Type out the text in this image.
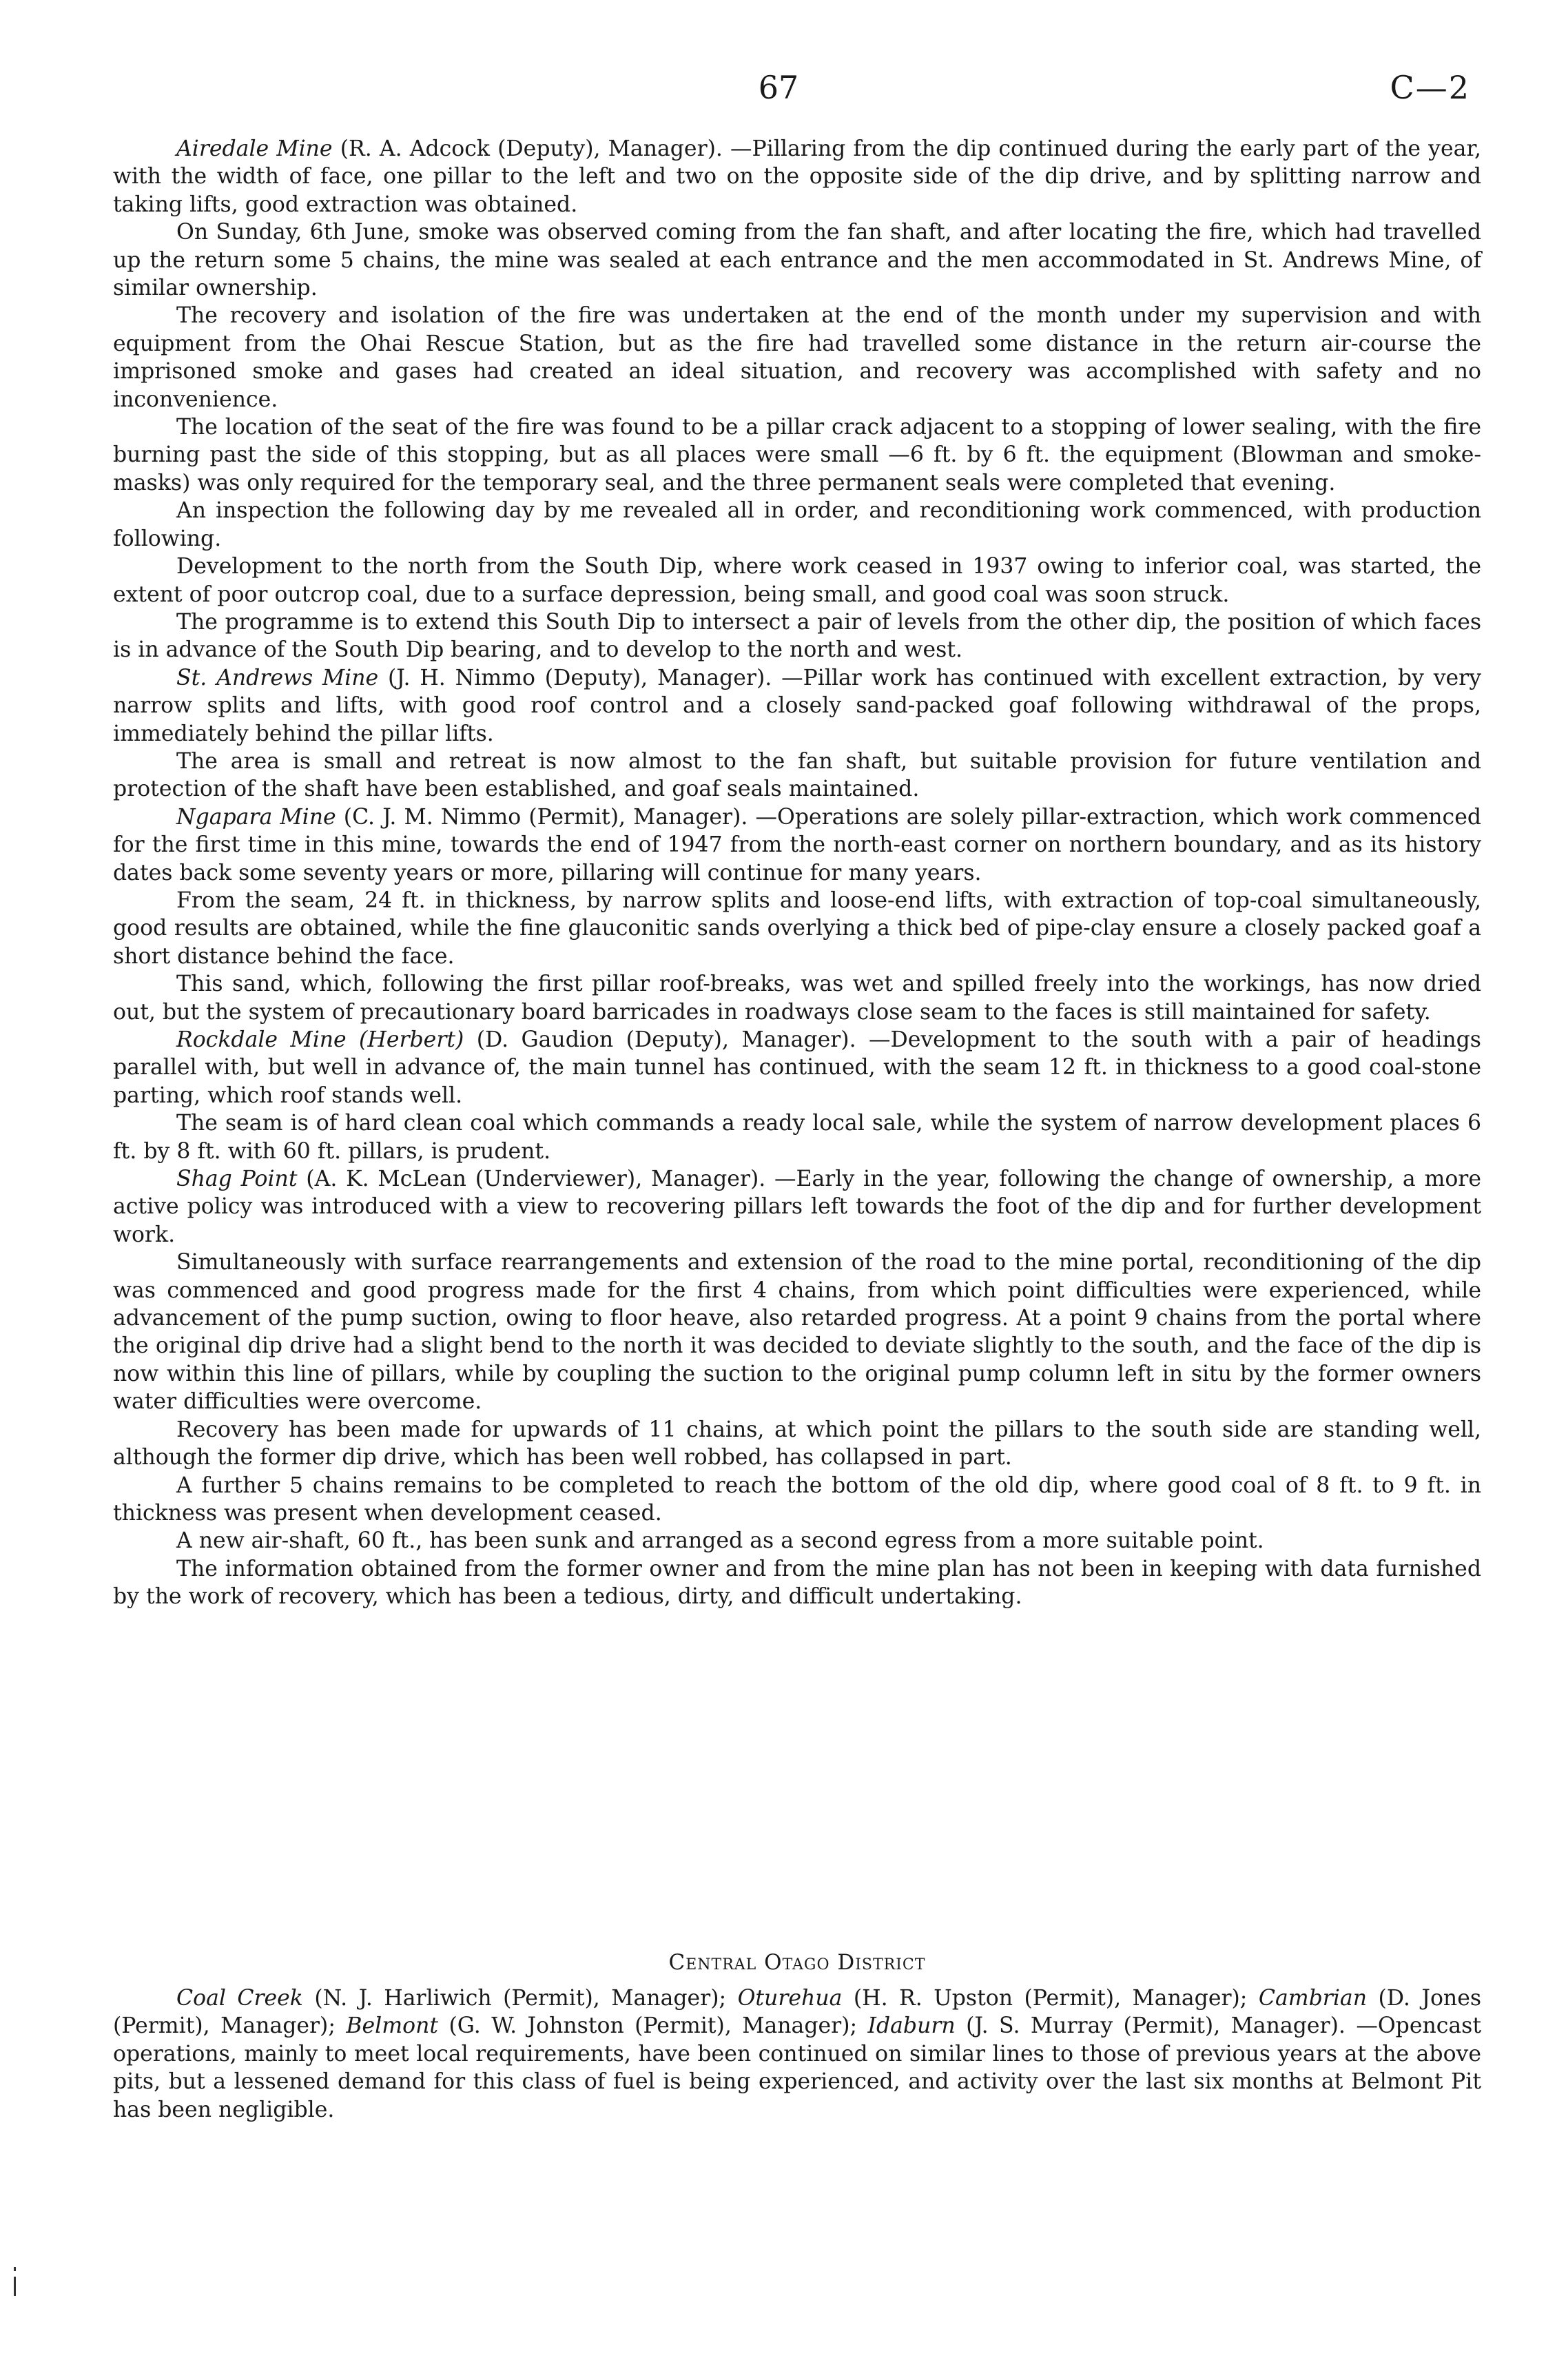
67	C—2

Airedale Mine (R. A. Adcock (Deputy), Manager). —Pillaring from the dip continued during the early part of the year, with the width of face, one pillar to the left and two on the opposite side of the dip drive, and by splitting narrow and taking lifts, good extraction was obtained.

On Sunday, 6th June, smoke was observed coming from the fan shaft, and after locating the fire, which had travelled up the return some 5 chains, the mine was sealed at each entrance and the men accommodated in St. Andrews Mine, of similar ownership.

The recovery and isolation of the fire was undertaken at the end of the month under my supervision and with equipment from the Ohai Rescue Station, but as the fire had travelled some distance in the return air-course the imprisoned smoke and gases had created an ideal situation, and recovery was accomplished with safety and no inconvenience.

The location of the seat of the fire was found to be a pillar crack adjacent to a stopping of lower sealing, with the fire burning past the side of this stopping, but as all places were small —6 ft. by 6 ft. the equipment (Blowman and smoke-masks) was only required for the temporary seal, and the three permanent seals were completed that evening.

An inspection the following day by me revealed all in order, and reconditioning work commenced, with production following.

Development to the north from the South Dip, where work ceased in 1937 owing to inferior coal, was started, the extent of poor outcrop coal, due to a surface depression, being small, and good coal was soon struck.

The programme is to extend this South Dip to intersect a pair of levels from the other dip, the position of which faces is in advance of the South Dip bearing, and to develop to the north and west.

St. Andrews Mine (J. H. Nimmo (Deputy), Manager). —Pillar work has continued with excellent extraction, by very narrow splits and lifts, with good roof control and a closely sand-packed goaf following withdrawal of the props, immediately behind the pillar lifts.

The area is small and retreat is now almost to the fan shaft, but suitable provision for future ventilation and protection of the shaft have been established, and goaf seals maintained.

Ngapara Mine (C. J. M. Nimmo (Permit), Manager). —Operations are solely pillar-extraction, which work commenced for the first time in this mine, towards the end of 1947 from the north-east corner on northern boundary, and as its history dates back some seventy years or more, pillaring will continue for many years.

From the seam, 24 ft. in thickness, by narrow splits and loose-end lifts, with extraction of top-coal simultaneously, good results are obtained, while the fine glauconitic sands overlying a thick bed of pipe-clay ensure a closely packed goaf a short distance behind the face.

This sand, which, following the first pillar roof-breaks, was wet and spilled freely into the workings, has now dried out, but the system of precautionary board barricades in roadways close seam to the faces is still maintained for safety.

Rockdale Mine (Herbert) (D. Gaudion (Deputy), Manager). —Development to the south with a pair of headings parallel with, but well in advance of, the main tunnel has continued, with the seam 12 ft. in thickness to a good coal-stone parting, which roof stands well.

The seam is of hard clean coal which commands a ready local sale, while the system of narrow development places 6 ft. by 8 ft. with 60 ft. pillars, is prudent.

Shag Point (A. K. McLean (Underviewer), Manager). —Early in the year, following the change of ownership, a more active policy was introduced with a view to recovering pillars left towards the foot of the dip and for further development work.

Simultaneously with surface rearrangements and extension of the road to the mine portal, reconditioning of the dip was commenced and good progress made for the first 4 chains, from which point difficulties were experienced, while advancement of the pump suction, owing to floor heave, also retarded progress. At a point 9 chains from the portal where the original dip drive had a slight bend to the north it was decided to deviate slightly to the south, and the face of the dip is now within this line of pillars, while by coupling the suction to the original pump column left in situ by the former owners water difficulties were overcome.

Recovery has been made for upwards of 11 chains, at which point the pillars to the south side are standing well, although the former dip drive, which has been well robbed, has collapsed in part.

A further 5 chains remains to be completed to reach the bottom of the old dip, where good coal of 8 ft. to 9 ft. in thickness was present when development ceased.

A new air-shaft, 60 ft., has been sunk and arranged as a second egress from a more suitable point.

The information obtained from the former owner and from the mine plan has not been in keeping with data furnished by the work of recovery, which has been a tedious, dirty, and difficult undertaking.

Central Otago District

Coal Creek (N. J. Harliwich (Permit), Manager); Oturehua (H. R. Upston (Permit), Manager); Cambrian (D. Jones (Permit), Manager); Belmont (G. W. Johnston (Permit), Manager); Idaburn (J. S. Murray (Permit), Manager). —Opencast operations, mainly to meet local requirements, have been continued on similar lines to those of previous years at the above pits, but a lessened demand for this class of fuel is being experienced, and activity over the last six months at Belmont Pit has been negligible.
